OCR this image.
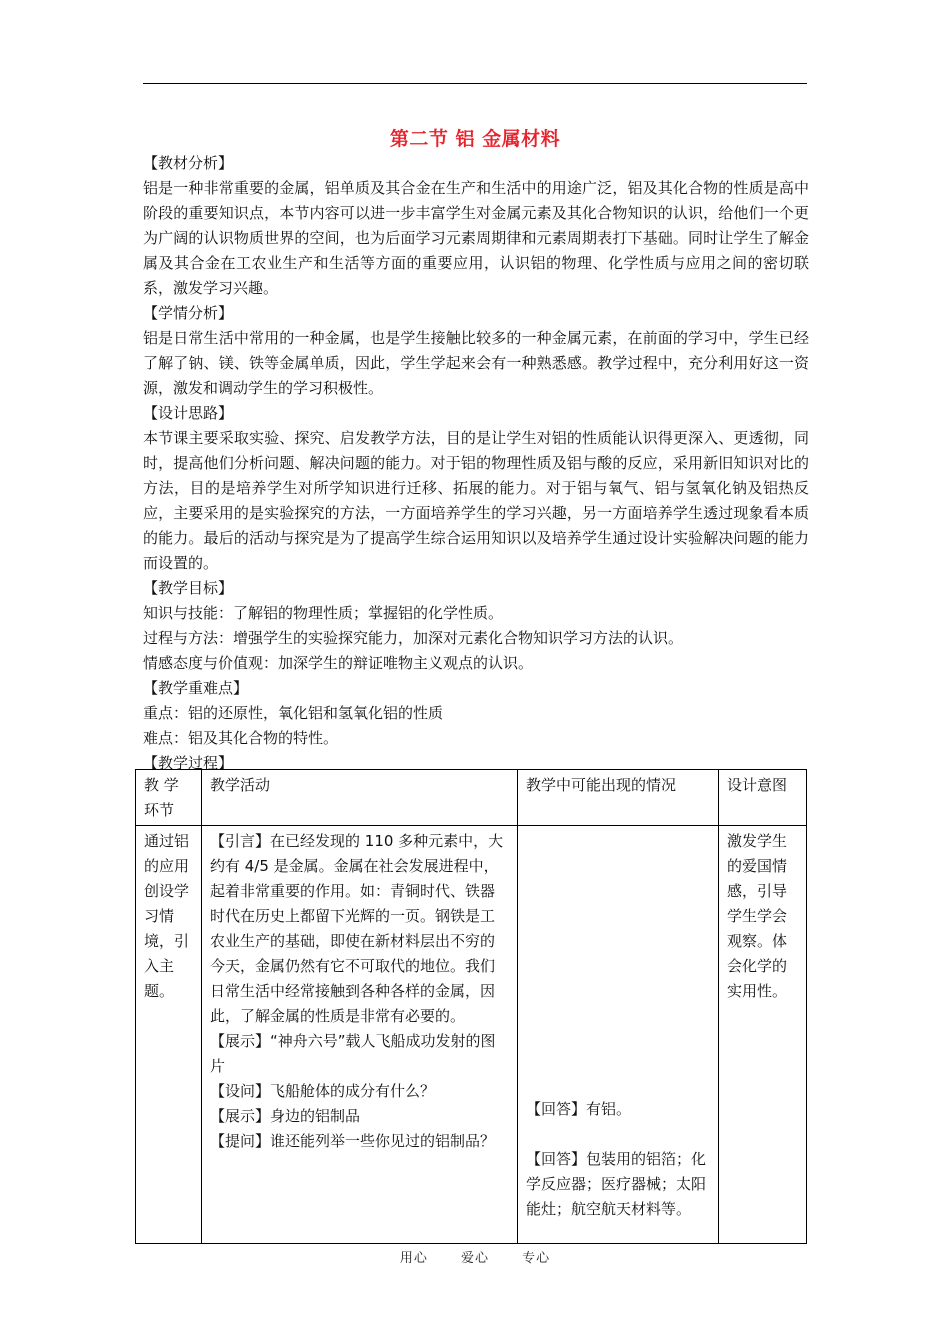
第二节 铝 金属材料

【教材分析】

铝是一种非常重要的金属，铝单质及其合金在生产和生活中的用途广泛，铝及其化合物的性质是高中阶段的重要知识点，本节内容可以进一步丰富学生对金属元素及其化合物知识的认识，给他们一个更为广阔的认识物质世界的空间，也为后面学习元素周期律和元素周期表打下基础。同时让学生了解金属及其合金在工农业生产和生活等方面的重要应用，认识铝的物理、化学性质与应用之间的密切联系，激发学习兴趣。

【学情分析】

铝是日常生活中常用的一种金属，也是学生接触比较多的一种金属元素，在前面的学习中，学生已经了解了钠、镁、铁等金属单质，因此，学生学起来会有一种熟悉感。教学过程中，充分利用好这一资源，激发和调动学生的学习积极性。

【设计思路】

本节课主要采取实验、探究、启发教学方法，目的是让学生对铝的性质能认识得更深入、更透彻，同时，提高他们分析问题、解决问题的能力。对于铝的物理性质及铝与酸的反应，采用新旧知识对比的方法，目的是培养学生对所学知识进行迁移、拓展的能力。对于铝与氧气、铝与氢氧化钠及铝热反应，主要采用的是实验探究的方法，一方面培养学生的学习兴趣，另一方面培养学生透过现象看本质的能力。最后的活动与探究是为了提高学生综合运用知识以及培养学生通过设计实验解决问题的能力而设置的。

【教学目标】

知识与技能：了解铝的物理性质；掌握铝的化学性质。

过程与方法：增强学生的实验探究能力，加深对元素化合物知识学习方法的认识。

情感态度与价值观：加深学生的辩证唯物主义观点的认识。

【教学重难点】

重点：铝的还原性，氧化铝和氢氧化铝的性质

难点：铝及其化合物的特性。

【教学过程】

教 学 环节	教学活动	教学中可能出现的情况	设计意图
通过铝的应用创设学习情境，引入主题。	【引言】在已经发现的 110 多种元素中，大约有 4/5 是金属。金属在社会发展进程中，起着非常重要的作用。如：青铜时代、铁器时代在历史上都留下光辉的一页。钢铁是工农业生产的基础，即使在新材料层出不穷的今天，金属仍然有它不可取代的地位。我们日常生活中经常接触到各种各样的金属，因此，了解金属的性质是非常有必要的。
【展示】“神舟六号”载人飞船成功发射的图片
【设问】飞船舱体的成分有什么？
【展示】身边的铝制品
【提问】谁还能列举一些你见过的铝制品？	【回答】有铝。
【回答】包装用的铝箔；化学反应器；医疗器械；太阳能灶；航空航天材料等。	激发学生的爱国情感，引导学生学会观察。体会化学的实用性。
用心	爱心	专心
